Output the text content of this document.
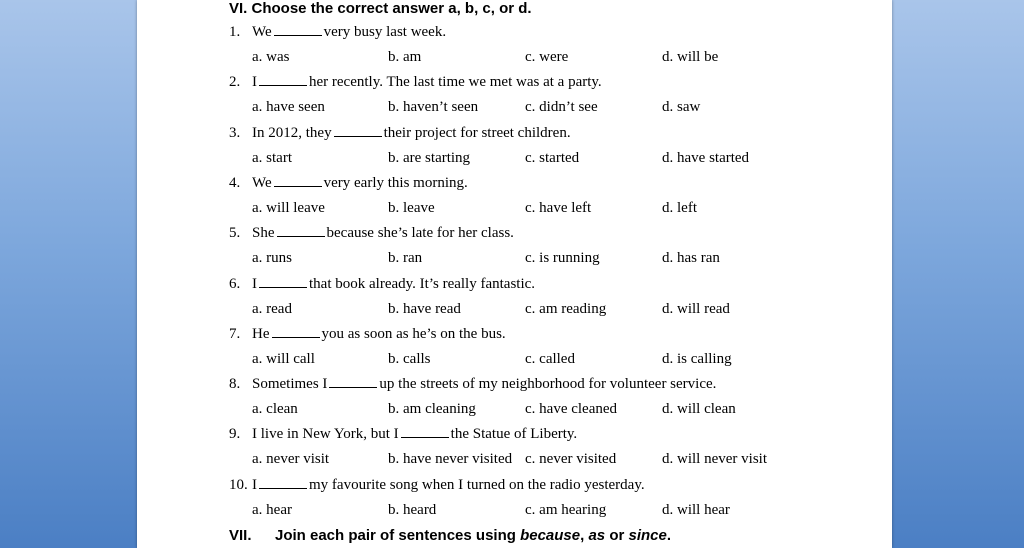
VI. Choose the correct answer a, b, c, or d.
1. We	very busy last week.
a. was	b. am	c. were	d. will be
2. I	her recently. The last time we met was at a party.
a. have seen	b. haven’t seen	c. didn’t see	d. saw
3. In 2012, they	their project for street children.
a. start	b. are starting	c. started	d. have started
4. We	very early this morning.
a. will leave	b. leave	c. have left	d. left
5. She	because she’s late for her class.
a. runs	b. ran	c. is running	d. has ran
6. I	that book already. It’s really fantastic.
a. read	b. have read	c. am reading	d. will read
7. He	you as soon as he’s on the bus.
a. will call	b. calls	c. called	d. is calling
8. Sometimes I	up the streets of my neighborhood for volunteer service.
a. clean	b. am cleaning	c. have cleaned	d. will clean
9. I live in New York, but I	the Statue of Liberty.
a. never visit	b. have never visited c. never visited	d. will never visit
10. I	my favourite song when I turned on the radio yesterday.
a. hear	b. heard	c. am hearing	d. will hear
VII. Join each pair of sentences using because, as or since.
